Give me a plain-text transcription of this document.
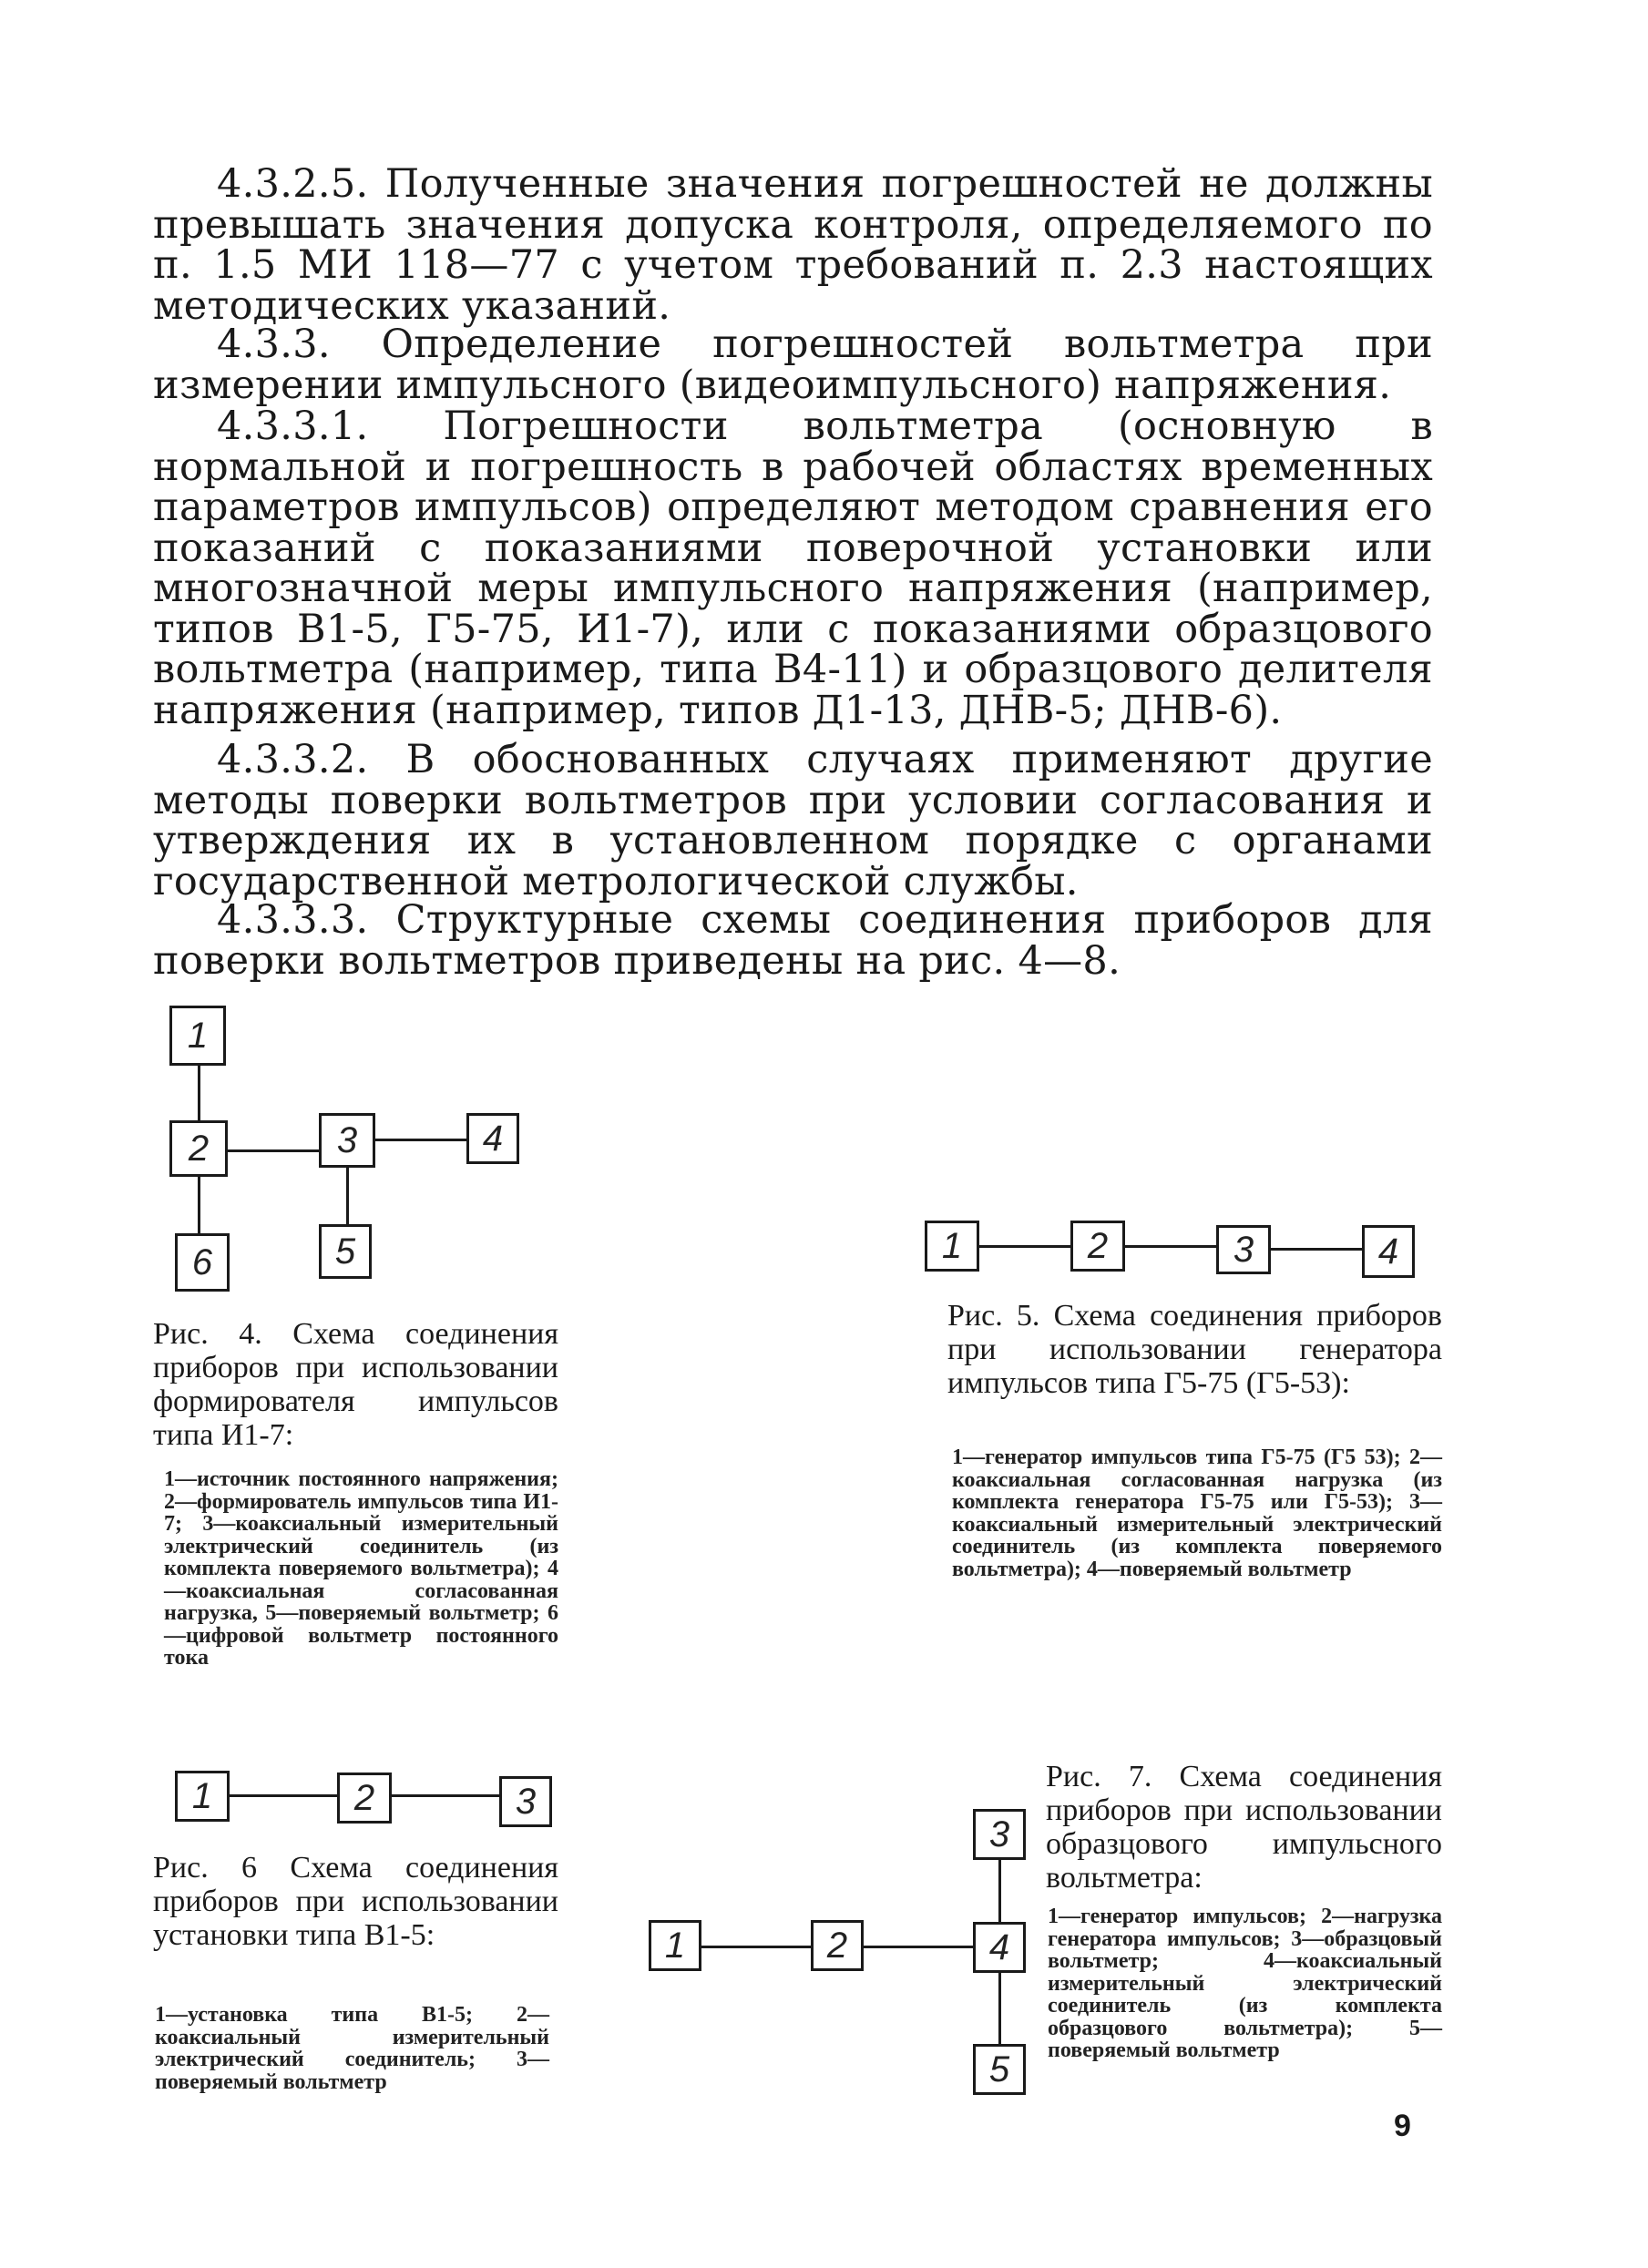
4.3.2.5. Полученные значения погрешностей не должны превышать значения допуска контроля, определяемого по п. 1.5 МИ 118—77 с учетом требований п. 2.3 настоящих методических указаний.

4.3.3. Определение погрешностей вольтметра при измерении импульсного (видеоимпульсного) напряжения.

4.3.3.1. Погрешности вольтметра (основную в нормальной и погрешность в рабочей областях временных параметров импульсов) определяют методом сравнения его показаний с показаниями поверочной установки или многозначной меры импульсного напряжения (например, типов В1-5, Г5-75, И1-7), или с показаниями образцового вольтметра (например, типа В4-11) и образцового делителя напряжения (например, типов Д1-13, ДНВ-5; ДНВ-6).

4.3.3.2. В обоснованных случаях применяют другие методы поверки вольтметров при условии согласования и утверждения их в установленном порядке с органами государственной метрологической службы.

4.3.3.3. Структурные схемы соединения приборов для поверки вольтметров приведены на рис. 4—8.

1
2	3	4
6	5

Рис. 4. Схема соединения приборов при использовании формирователя импульсов типа И1-7:

1—источник постоянного напряжения; 2—формирователь импульсов типа И1-7; 3—коаксиальный измерительный электрический соединитель (из комплекта поверяемого вольтметра); 4—коаксиальная согласованная нагрузка, 5—поверяемый вольтметр; 6—цифровой вольтметр постоянного тока

1	2	3	4

Рис. 5. Схема соединения приборов при использовании генератора импульсов типа Г5-75 (Г5-53):

1—генератор импульсов типа Г5-75 (Г5 53); 2—коаксиальная согласованная нагрузка (из комплекта генератора Г5-75 или Г5-53); 3—коаксиальный измерительный электрический соединитель (из комплекта поверяемого вольтметра); 4—поверяемый вольтметр

1	2	3

Рис. 6 Схема соединения приборов при использовании установки типа В1-5:

1—установка типа В1-5; 2—коаксиальный измерительный электрический соединитель; 3—поверяемый вольтметр

1	2
3
4
5

Рис. 7. Схема соединения приборов при использовании образцового импульсного вольтметра:

1—генератор импульсов; 2—нагрузка генератора импульсов; 3—образцовый вольтметр; 4—коаксиальный измерительный электрический соединитель (из комплекта образцового вольтметра); 5—поверяемый вольтметр

9
